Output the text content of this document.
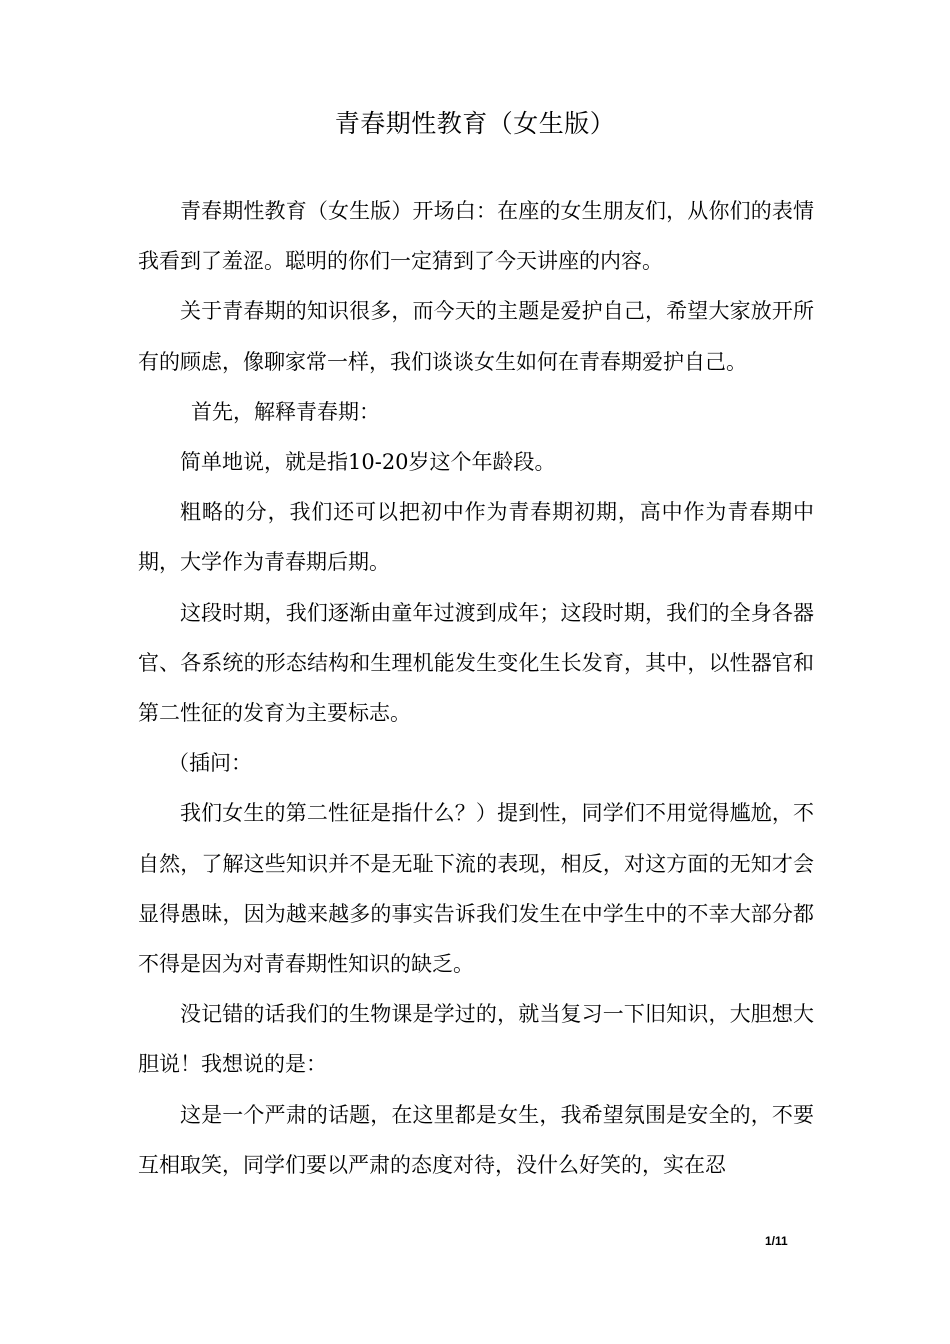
青春期性教育（女生版）

青春期性教育（女生版）开场白：在座的女生朋友们，从你们的表情我看到了羞涩。聪明的你们一定猜到了今天讲座的内容。

关于青春期的知识很多，而今天的主题是爱护自己，希望大家放开所有的顾虑，像聊家常一样，我们谈谈女生如何在青春期爱护自己。

首先，解释青春期：

简单地说，就是指10-20岁这个年龄段。

粗略的分，我们还可以把初中作为青春期初期，高中作为青春期中期，大学作为青春期后期。

这段时期，我们逐渐由童年过渡到成年；这段时期，我们的全身各器官、各系统的形态结构和生理机能发生变化生长发育，其中，以性器官和第二性征的发育为主要标志。

（插问：

我们女生的第二性征是指什么？）提到性，同学们不用觉得尴尬，不自然，了解这些知识并不是无耻下流的表现，相反，对这方面的无知才会显得愚昧，因为越来越多的事实告诉我们发生在中学生中的不幸大部分都不得是因为对青春期性知识的缺乏。

没记错的话我们的生物课是学过的，就当复习一下旧知识，大胆想大胆说！我想说的是：

这是一个严肃的话题，在这里都是女生，我希望氛围是安全的，不要互相取笑，同学们要以严肃的态度对待，没什么好笑的，实在忍

1/11
